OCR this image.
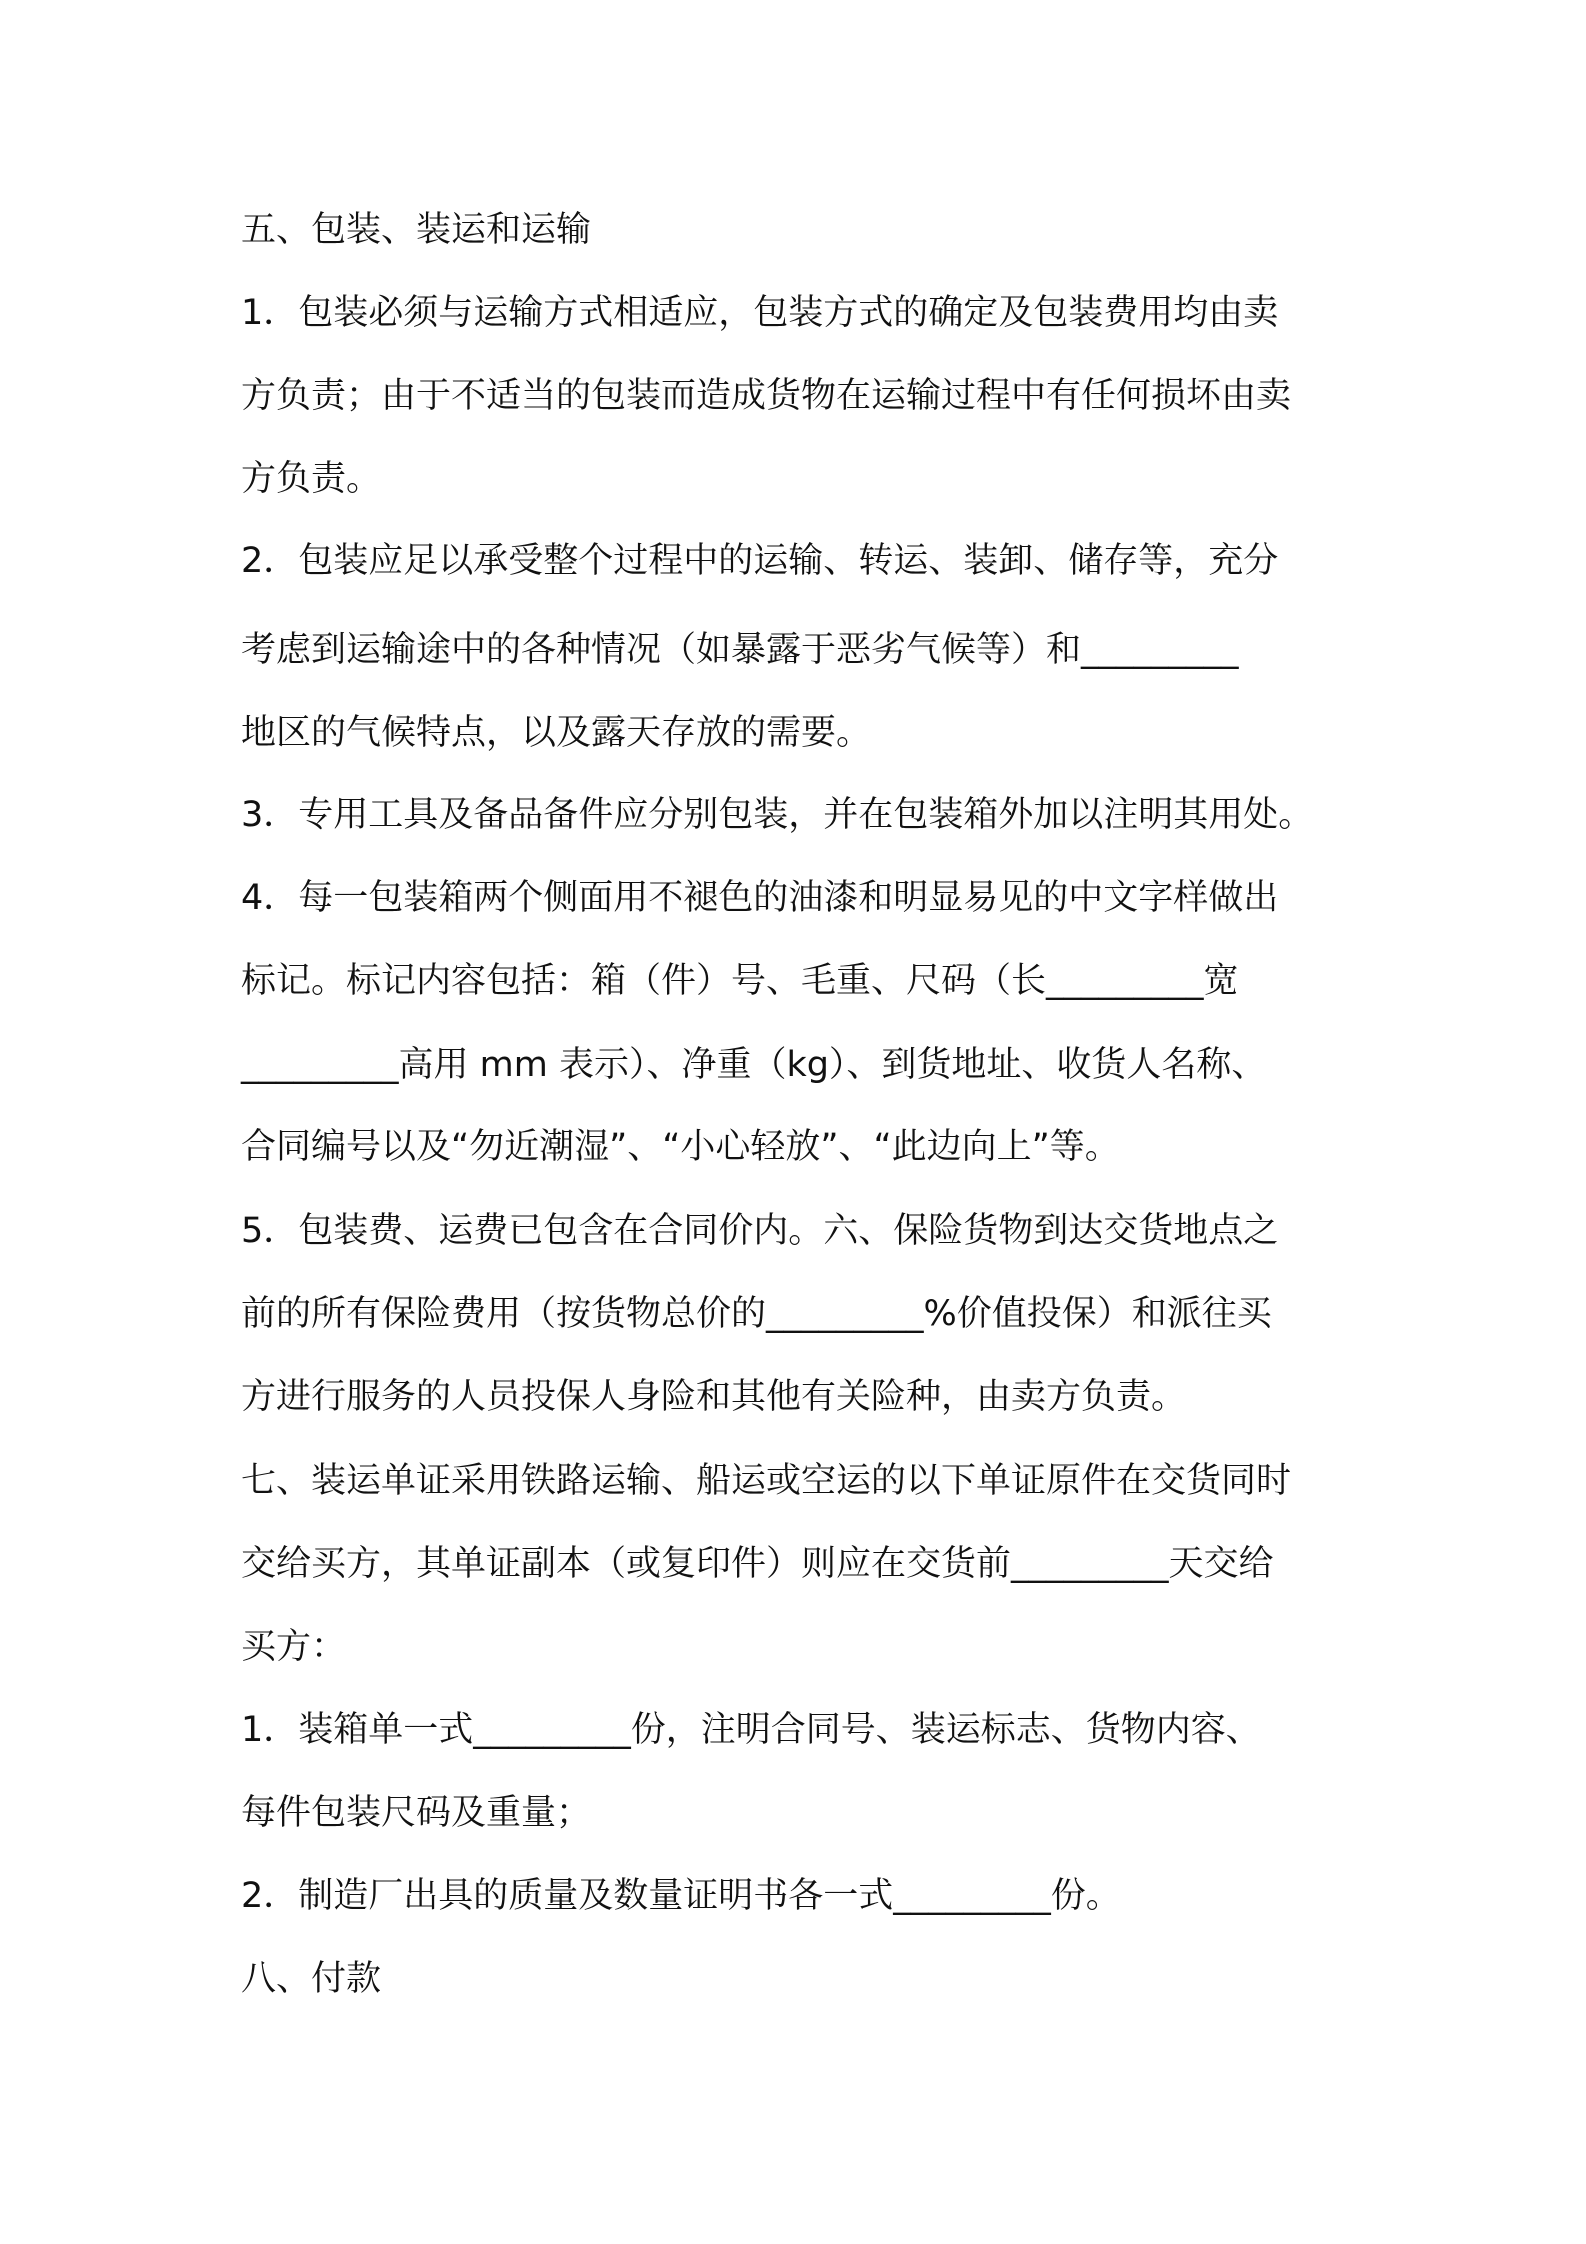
五、包装、装运和运输
1．包装必须与运输方式相适应，包装方式的确定及包装费用均由卖
方负责；由于不适当的包装而造成货物在运输过程中有任何损坏由卖
方负责。
2．包装应足以承受整个过程中的运输、转运、装卸、储存等，充分
考虑到运输途中的各种情况（如暴露于恶劣气候等）和_________
地区的气候特点，以及露天存放的需要。
3．专用工具及备品备件应分别包装，并在包装箱外加以注明其用处。
4．每一包装箱两个侧面用不褪色的油漆和明显易见的中文字样做出
标记。标记内容包括：箱（件）号、毛重、尺码（长_________宽
_________高用 mm 表示）、净重（kg）、到货地址、收货人名称、
合同编号以及“勿近潮湿”、“小心轻放”、“此边向上”等。
5．包装费、运费已包含在合同价内。六、保险货物到达交货地点之
前的所有保险费用（按货物总价的_________%价值投保）和派往买
方进行服务的人员投保人身险和其他有关险种，由卖方负责。
七、装运单证采用铁路运输、船运或空运的以下单证原件在交货同时
交给买方，其单证副本（或复印件）则应在交货前_________天交给
买方：
1．装箱单一式_________份，注明合同号、装运标志、货物内容、
每件包装尺码及重量；
2．制造厂出具的质量及数量证明书各一式_________份。
八、付款
